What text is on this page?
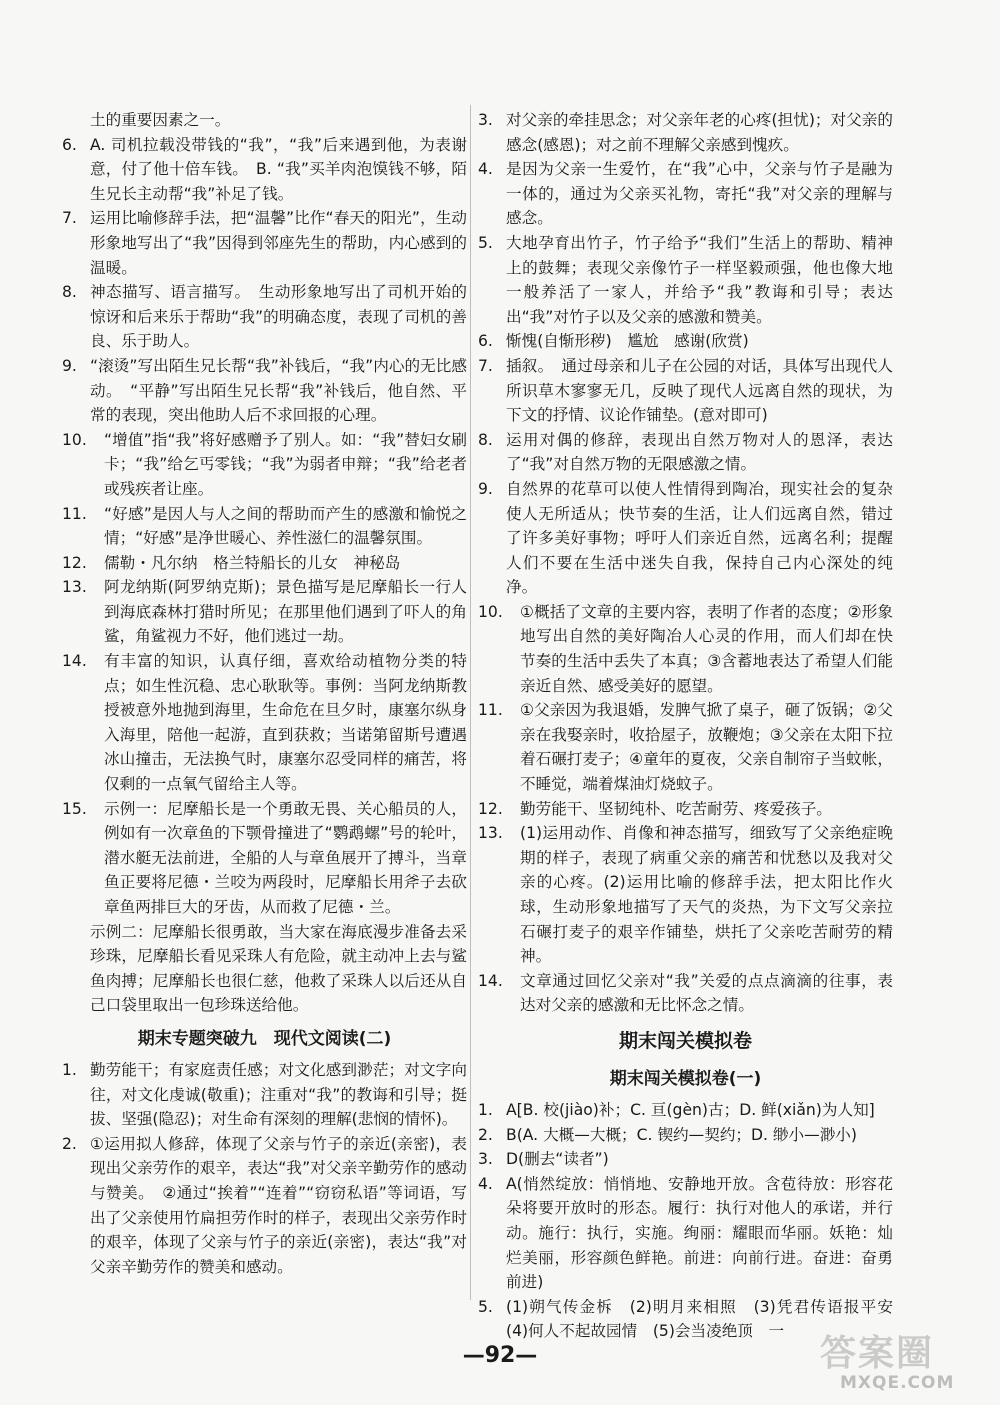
土的重要因素之一。
6. A. 司机拉载没带钱的“我”，“我”后来遇到他，为表谢意，付了他十倍车钱。　B. “我”买羊肉泡馍钱不够，陌生兄长主动帮“我”补足了钱。
7. 运用比喻修辞手法，把“温馨”比作“春天的阳光”，生动形象地写出了“我”因得到邻座先生的帮助，内心感到的温暖。
8. 神态描写、语言描写。　生动形象地写出了司机开始的惊讶和后来乐于帮助“我”的明确态度，表现了司机的善良、乐于助人。
9. “滚烫”写出陌生兄长帮“我”补钱后，“我”内心的无比感动。　“平静”写出陌生兄长帮“我”补钱后，他自然、平常的表现，突出他助人后不求回报的心理。
10. “增值”指“我”将好感赠予了别人。如：“我”替妇女刷卡；“我”给乞丐零钱；“我”为弱者申辩；“我”给老者或残疾者让座。
11. “好感”是因人与人之间的帮助而产生的感激和愉悦之情；“好感”是净世暖心、养性滋仁的温馨氛围。
12. 儒勒・凡尔纳　格兰特船长的儿女　神秘岛
13. 阿龙纳斯(阿罗纳克斯)；景色描写是尼摩船长一行人到海底森林打猎时所见；在那里他们遇到了吓人的角鲨，角鲨视力不好，他们逃过一劫。
14. 有丰富的知识，认真仔细，喜欢给动植物分类的特点；如生性沉稳、忠心耿耿等。事例：当阿龙纳斯教授被意外地抛到海里，生命危在旦夕时，康塞尔纵身入海里，陪他一起游，直到获救；当诺第留斯号遭遇冰山撞击，无法换气时，康塞尔忍受同样的痛苦，将仅剩的一点氧气留给主人等。
15. 示例一：尼摩船长是一个勇敢无畏、关心船员的人，例如有一次章鱼的下颚骨撞进了“鹦鹉螺”号的轮叶，潜水艇无法前进，全船的人与章鱼展开了搏斗，当章鱼正要将尼德・兰咬为两段时，尼摩船长用斧子去砍章鱼两排巨大的牙齿，从而救了尼德・兰。
示例二：尼摩船长很勇敢，当大家在海底漫步准备去采珍珠，尼摩船长看见采珠人有危险，就主动冲上去与鲨鱼肉搏；尼摩船长也很仁慈，他救了采珠人以后还从自己口袋里取出一包珍珠送给他。
期末专题突破九　现代文阅读(二)
1. 勤劳能干；有家庭责任感；对文化感到渺茫；对文字向往，对文化虔诚(敬重)；注重对“我”的教诲和引导；挺拔、坚强(隐忍)；对生命有深刻的理解(悲悯的情怀)。
2. ①运用拟人修辞，体现了父亲与竹子的亲近(亲密)，表现出父亲劳作的艰辛，表达“我”对父亲辛勤劳作的感动与赞美。　②通过“挨着”“连着”“窃窃私语”等词语，写出了父亲使用竹扁担劳作时的样子，表现出父亲劳作时的艰辛，体现了父亲与竹子的亲近(亲密)，表达“我”对父亲辛勤劳作的赞美和感动。
3. 对父亲的牵挂思念；对父亲年老的心疼(担忧)；对父亲的感念(感恩)；对之前不理解父亲感到愧疚。
4. 是因为父亲一生爱竹，在“我”心中，父亲与竹子是融为一体的，通过为父亲买礼物，寄托“我”对父亲的理解与感念。
5. 大地孕育出竹子，竹子给予“我们”生活上的帮助、精神上的鼓舞；表现父亲像竹子一样坚毅顽强，他也像大地一般养活了一家人，并给予“我”教诲和引导；表达出“我”对竹子以及父亲的感激和赞美。
6. 惭愧(自惭形秽)　尴尬　感谢(欣赏)
7. 插叙。　通过母亲和儿子在公园的对话，具体写出现代人所识草木寥寥无几，反映了现代人远离自然的现状，为下文的抒情、议论作铺垫。(意对即可)
8. 运用对偶的修辞，表现出自然万物对人的恩泽，表达了“我”对自然万物的无限感激之情。
9. 自然界的花草可以使人性情得到陶冶，现实社会的复杂使人无所适从；快节奏的生活，让人们远离自然，错过了许多美好事物；呼吁人们亲近自然，远离名利；提醒人们不要在生活中迷失自我，保持自己内心深处的纯净。
10. ①概括了文章的主要内容，表明了作者的态度；②形象地写出自然的美好陶冶人心灵的作用，而人们却在快节奏的生活中丢失了本真；③含蓄地表达了希望人们能亲近自然、感受美好的愿望。
11. ①父亲因为我退婚，发脾气掀了桌子，砸了饭锅；②父亲在我娶亲时，收拾屋子，放鞭炮；③父亲在太阳下拉着石碾打麦子；④童年的夏夜，父亲自制帘子当蚊帐，不睡觉，端着煤油灯烧蚊子。
12. 勤劳能干、坚韧纯朴、吃苦耐劳、疼爱孩子。
13. (1)运用动作、肖像和神态描写，细致写了父亲绝症晚期的样子，表现了病重父亲的痛苦和忧愁以及我对父亲的心疼。(2)运用比喻的修辞手法，把太阳比作火球，生动形象地描写了天气的炎热，为下文写父亲拉石碾打麦子的艰辛作铺垫，烘托了父亲吃苦耐劳的精神。
14. 文章通过回忆父亲对“我”关爱的点点滴滴的往事，表达对父亲的感激和无比怀念之情。
期末闯关模拟卷
期末闯关模拟卷(一)
1. A[B. 校(jiào)补；C. 亘(gèn)古；D. 鲜(xiǎn)为人知]
2. B(A. 大概—大概；C. 锲约—契约；D. 缈小—渺小)
3. D(删去“读者”)
4. A(悄然绽放：悄悄地、安静地开放。含苞待放：形容花朵将要开放时的形态。履行：执行对他人的承诺，并行动。施行：执行，实施。绚丽：耀眼而华丽。妖艳：灿烂美丽，形容颜色鲜艳。前进：向前行进。奋进：奋勇前进)
5. (1)朔气传金柝　(2)明月来相照　(3)凭君传语报平安　(4)何人不起故园情　(5)会当凌绝顶　一
—92—	答案圈
MXQE.COM
